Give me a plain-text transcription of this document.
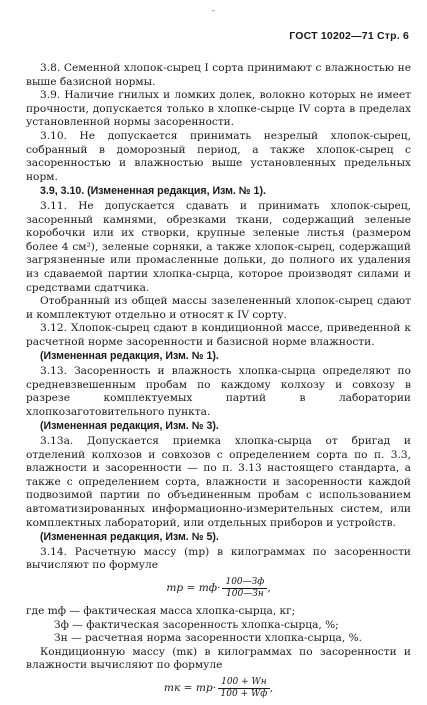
-
ГОСТ 10202—71 Стр. 6

3.8. Семенной хлопок-сырец I сорта принимают с влажностью не выше базисной нормы.

3.9. Наличие гнилых и ломких долек, волокно которых не имеет прочности, допускается только в хлопке-сырце IV сорта в пределах установленной нормы засоренности.

3.10. Не допускается принимать незрелый хлопок-сырец, собранный в доморозный период, а также хлопок-сырец с засоренностью и влажностью выше установленных предельных норм.

3.9, 3.10. (Измененная редакция, Изм. № 1).

3.11. Не допускается сдавать и принимать хлопок-сырец, засоренный камнями, обрезками ткани, содержащий зеленые коробочки или их створки, крупные зеленые листья (размером более 4 см²), зеленые сорняки, а также хлопок-сырец, содержащий загрязненные или промасленные дольки, до полного их удаления из сдаваемой партии хлопка-сырца, которое производят силами и средствами сдатчика.

Отобранный из общей массы зазелененный хлопок-сырец сдают и комплектуют отдельно и относят к IV сорту.

3.12. Хлопок-сырец сдают в кондиционной массе, приведенной к расчетной норме засоренности и базисной норме влажности.

(Измененная редакция, Изм. № 1).

3.13. Засоренность и влажность хлопка-сырца определяют по средневзвешенным пробам по каждому колхозу и совхозу в разрезе комплектуемых партий в лаборатории хлопкозаготовительного пункта.

(Измененная редакция, Изм. № 3).

3.13а. Допускается приемка хлопка-сырца от бригад и отделений колхозов и совхозов с определением сорта по п. 3.3, влажности и засоренности — по п. 3.13 настоящего стандарта, а также с определением сорта, влажности и засоренности каждой подвозимой партии по объединенным пробам с использованием автоматизированных информационно-измерительных систем, или комплектных лабораторий, или отдельных приборов и устройств.

(Измененная редакция, Изм. № 5).

3.14. Расчетную массу (mр) в килограммах по засоренности вычисляют по формуле

mр = $mф\cdot \frac{100—Зф}{100—Зн}$ ,
где mф — фактическая масса хлопка-сырца, кг;
Зф — фактическая засоренность хлопка-сырца, %;
Зн — расчетная норма засоренности хлопка-сырца, %.

Кондиционную массу (mк) в килограммах по засоренности и влажности вычисляют по формуле

mк = $mр\cdot \frac{100 + Wн}{100 + Wф}$ ,
